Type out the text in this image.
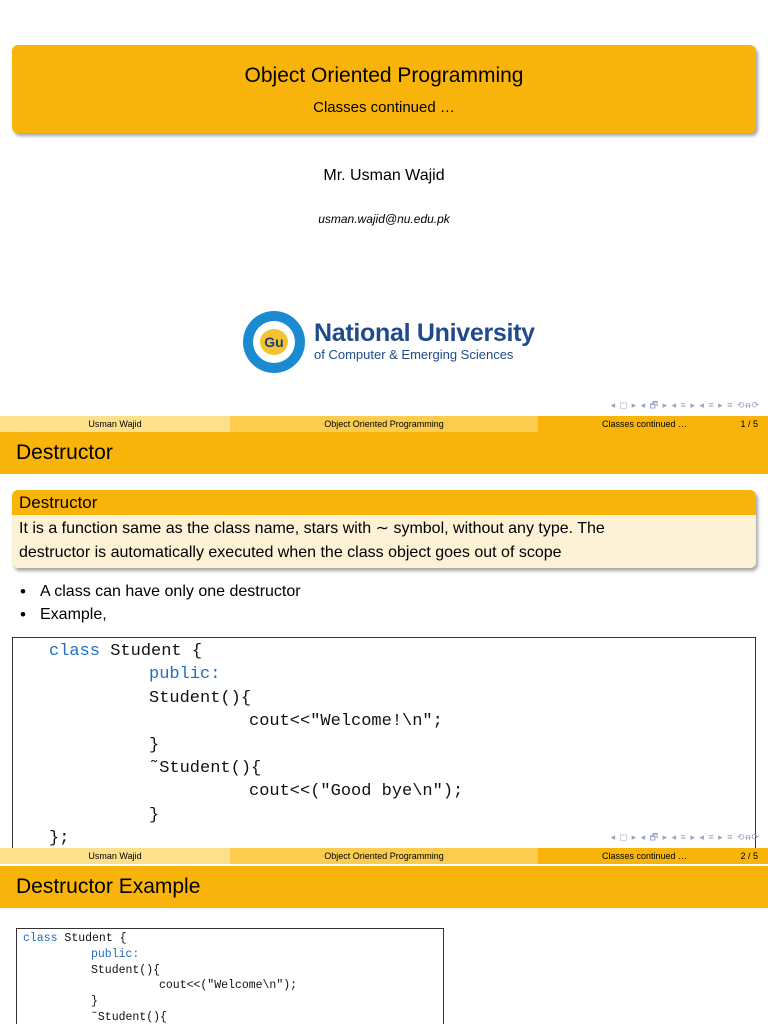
Object Oriented Programming
Classes continued …
Mr. Usman Wajid
usman.wajid@nu.edu.pk
Gu National University
of Computer & Emerging Sciences
◂ ◻ ▸ ◂ 🗗 ▸ ◂ ≡ ▸ ◂ ≡ ▸ ≡ ⟲ᵰ⟳
Usman Wajid	Object Oriented Programming	Classes continued …	1 / 5
Destructor
Destructor
It is a function same as the class name, stars with ∼ symbol, without any type. The
destructor is automatically executed when the class object goes out of scope
• A class can have only one destructor
• Example,
class Student {
public:
Student(){
cout<<"Welcome!\n";
}
˜Student(){
cout<<("Good bye\n");
}
};	◂ ◻ ▸ ◂ 🗗 ▸ ◂ ≡ ▸ ◂ ≡ ▸ ≡ ⟲ᵰ⟳
Usman Wajid	Object Oriented Programming	Classes continued …	2 / 5
Destructor Example
class Student {
public:
Student(){
cout<<("Welcome\n");
}
˜Student(){
